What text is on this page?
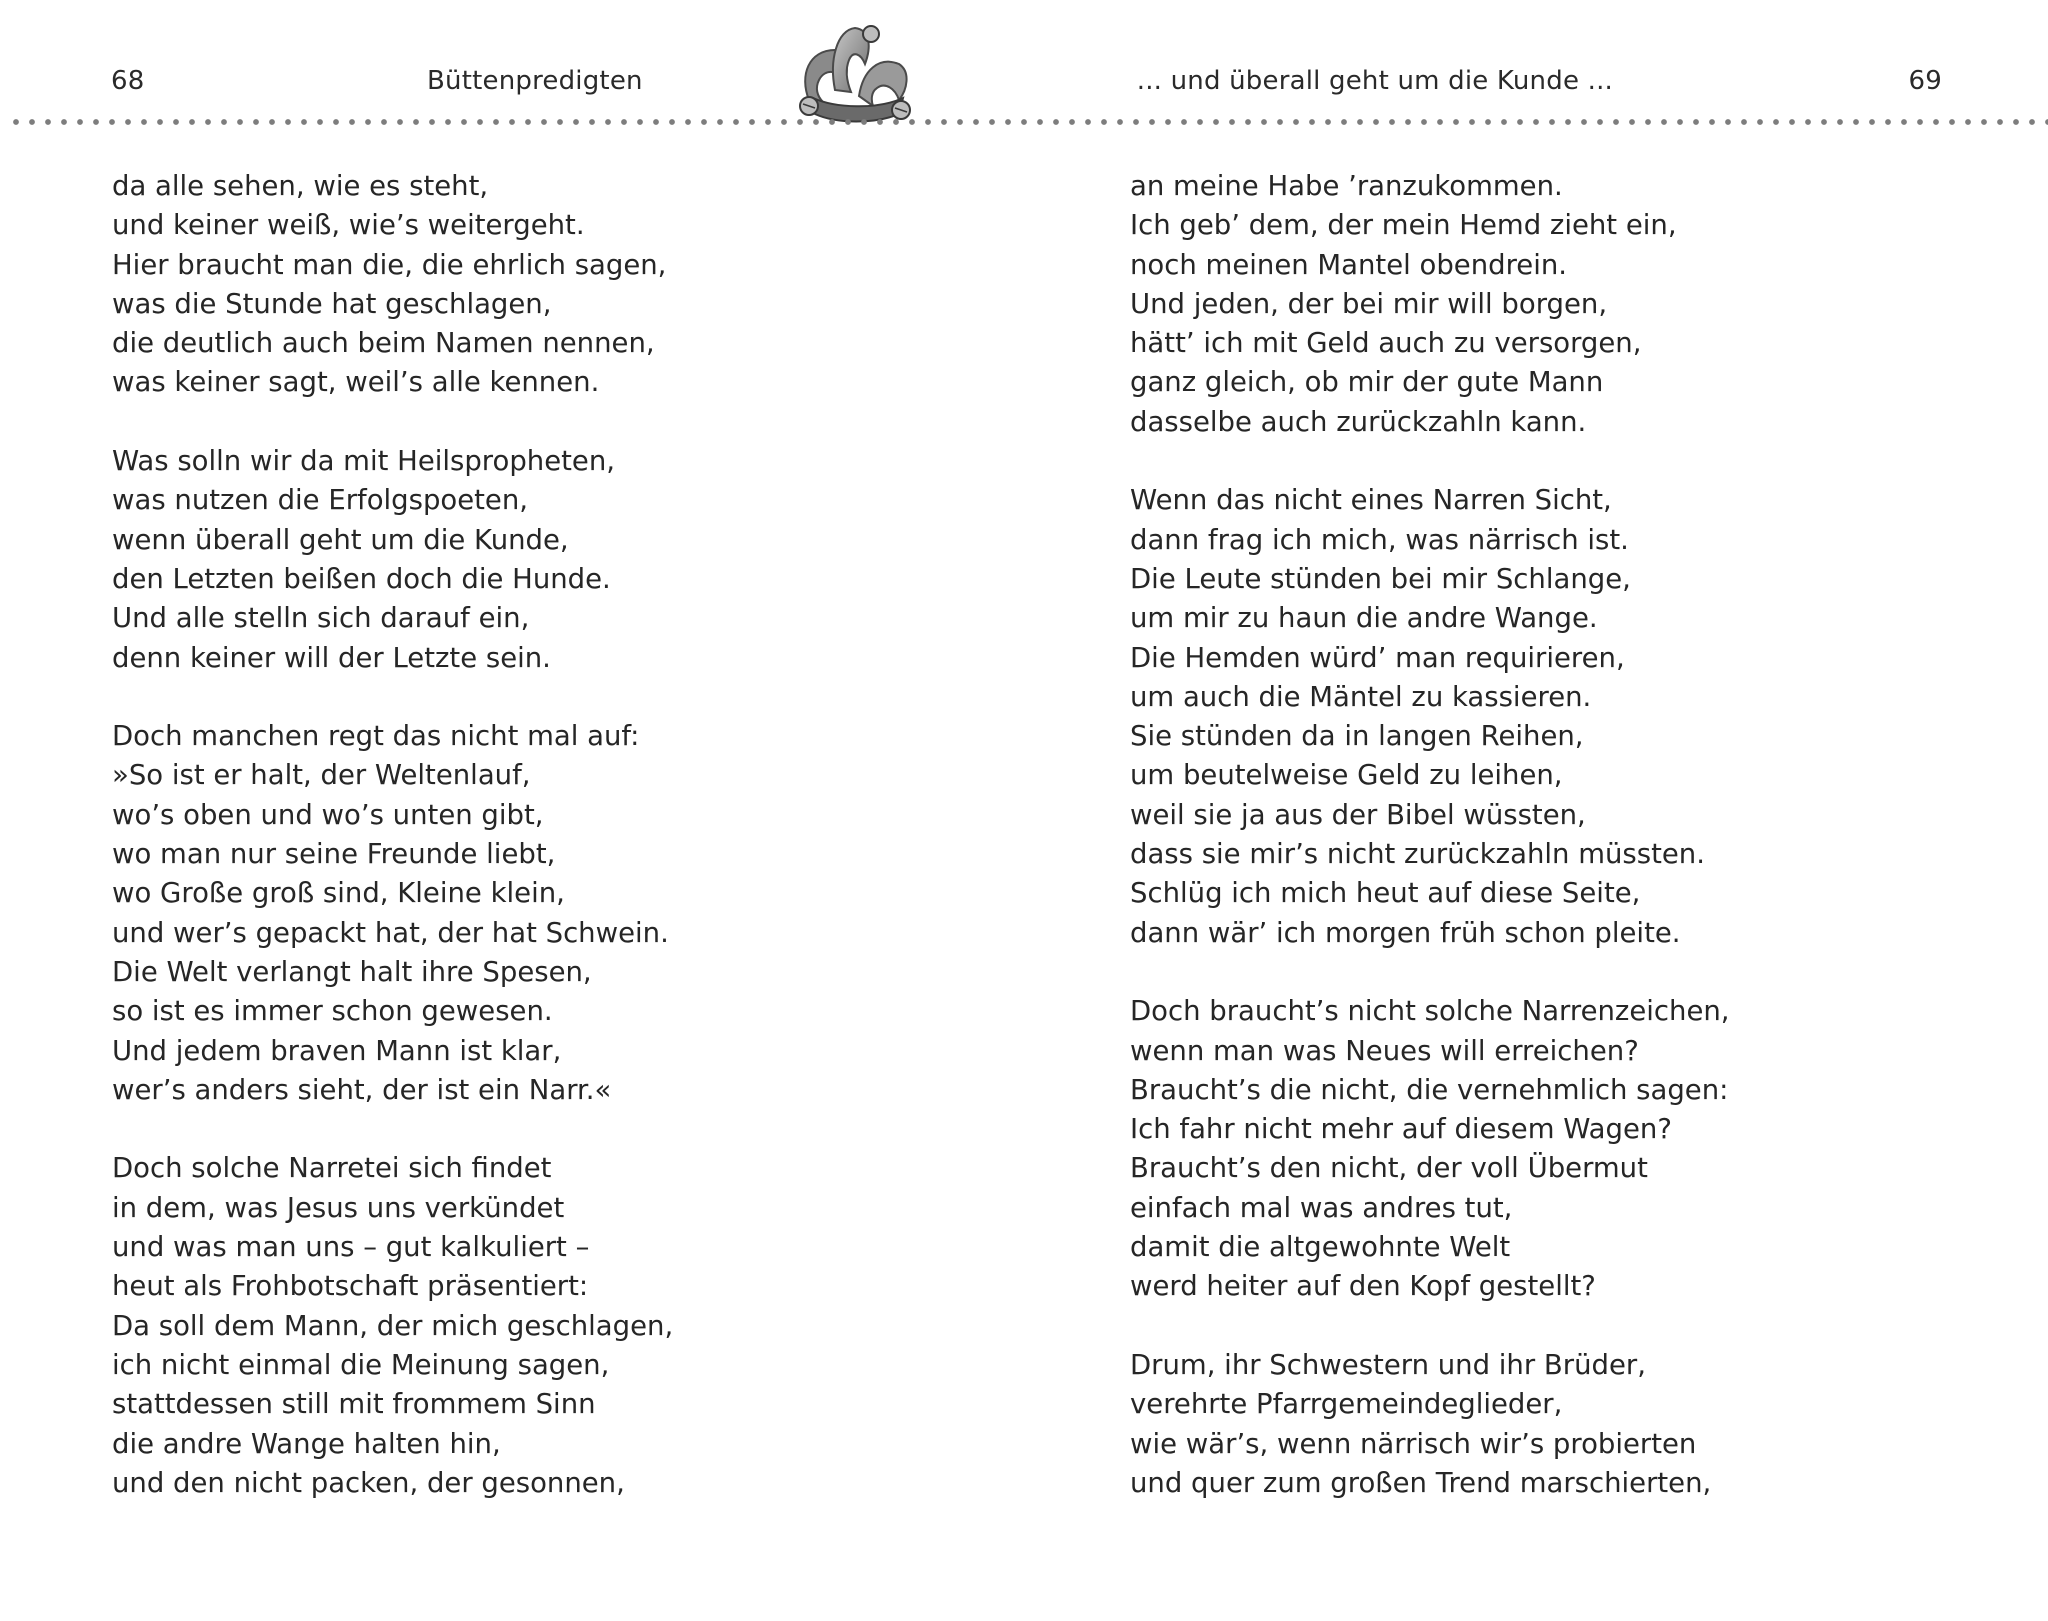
68	Büttenpredigten	... und überall geht um die Kunde ...	69
da alle sehen, wie es steht,
und keiner weiß, wie’s weitergeht.
Hier braucht man die, die ehrlich sagen,
was die Stunde hat geschlagen,
die deutlich auch beim Namen nennen,
was keiner sagt, weil’s alle kennen.
Was solln wir da mit Heilspropheten,
was nutzen die Erfolgspoeten,
wenn überall geht um die Kunde,
den Letzten beißen doch die Hunde.
Und alle stelln sich darauf ein,
denn keiner will der Letzte sein.
Doch manchen regt das nicht mal auf:
»So ist er halt, der Weltenlauf,
wo’s oben und wo’s unten gibt,
wo man nur seine Freunde liebt,
wo Große groß sind, Kleine klein,
und wer’s gepackt hat, der hat Schwein.
Die Welt verlangt halt ihre Spesen,
so ist es immer schon gewesen.
Und jedem braven Mann ist klar,
wer’s anders sieht, der ist ein Narr.«
Doch solche Narretei sich findet
in dem, was Jesus uns verkündet
und was man uns – gut kalkuliert –
heut als Frohbotschaft präsentiert:
Da soll dem Mann, der mich geschlagen,
ich nicht einmal die Meinung sagen,
stattdessen still mit frommem Sinn
die andre Wange halten hin,
und den nicht packen, der gesonnen,
an meine Habe ’ranzukommen.
Ich geb’ dem, der mein Hemd zieht ein,
noch meinen Mantel obendrein.
Und jeden, der bei mir will borgen,
hätt’ ich mit Geld auch zu versorgen,
ganz gleich, ob mir der gute Mann
dasselbe auch zurückzahln kann.
Wenn das nicht eines Narren Sicht,
dann frag ich mich, was närrisch ist.
Die Leute stünden bei mir Schlange,
um mir zu haun die andre Wange.
Die Hemden würd’ man requirieren,
um auch die Mäntel zu kassieren.
Sie stünden da in langen Reihen,
um beutelweise Geld zu leihen,
weil sie ja aus der Bibel wüssten,
dass sie mir’s nicht zurückzahln müssten.
Schlüg ich mich heut auf diese Seite,
dann wär’ ich morgen früh schon pleite.
Doch braucht’s nicht solche Narrenzeichen,
wenn man was Neues will erreichen?
Braucht’s die nicht, die vernehmlich sagen:
Ich fahr nicht mehr auf diesem Wagen?
Braucht’s den nicht, der voll Übermut
einfach mal was andres tut,
damit die altgewohnte Welt
werd heiter auf den Kopf gestellt?
Drum, ihr Schwestern und ihr Brüder,
verehrte Pfarrgemeindeglieder,
wie wär’s, wenn närrisch wir’s probierten
und quer zum großen Trend marschierten,
